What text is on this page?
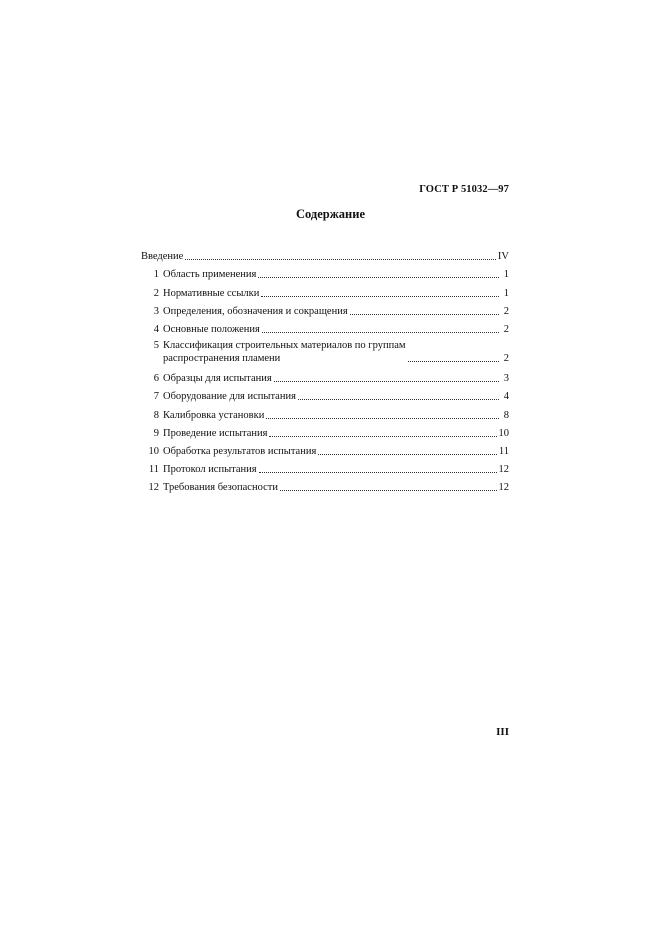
ГОСТ Р 51032—97
Содержание
Введение	IV
1 Область применения	1
2 Нормативные ссылки	1
3 Определения, обозначения и сокращения	2
4 Основные положения	2
5 Классификация строительных материалов по группам
распространения пламени	2
6 Образцы для испытания	3
7 Оборудование для испытания	4
8 Калибровка установки	8
9 Проведение испытания	10
10 Обработка результатов испытания	11
11 Протокол испытания	12
12 Требования безопасности	12
III
